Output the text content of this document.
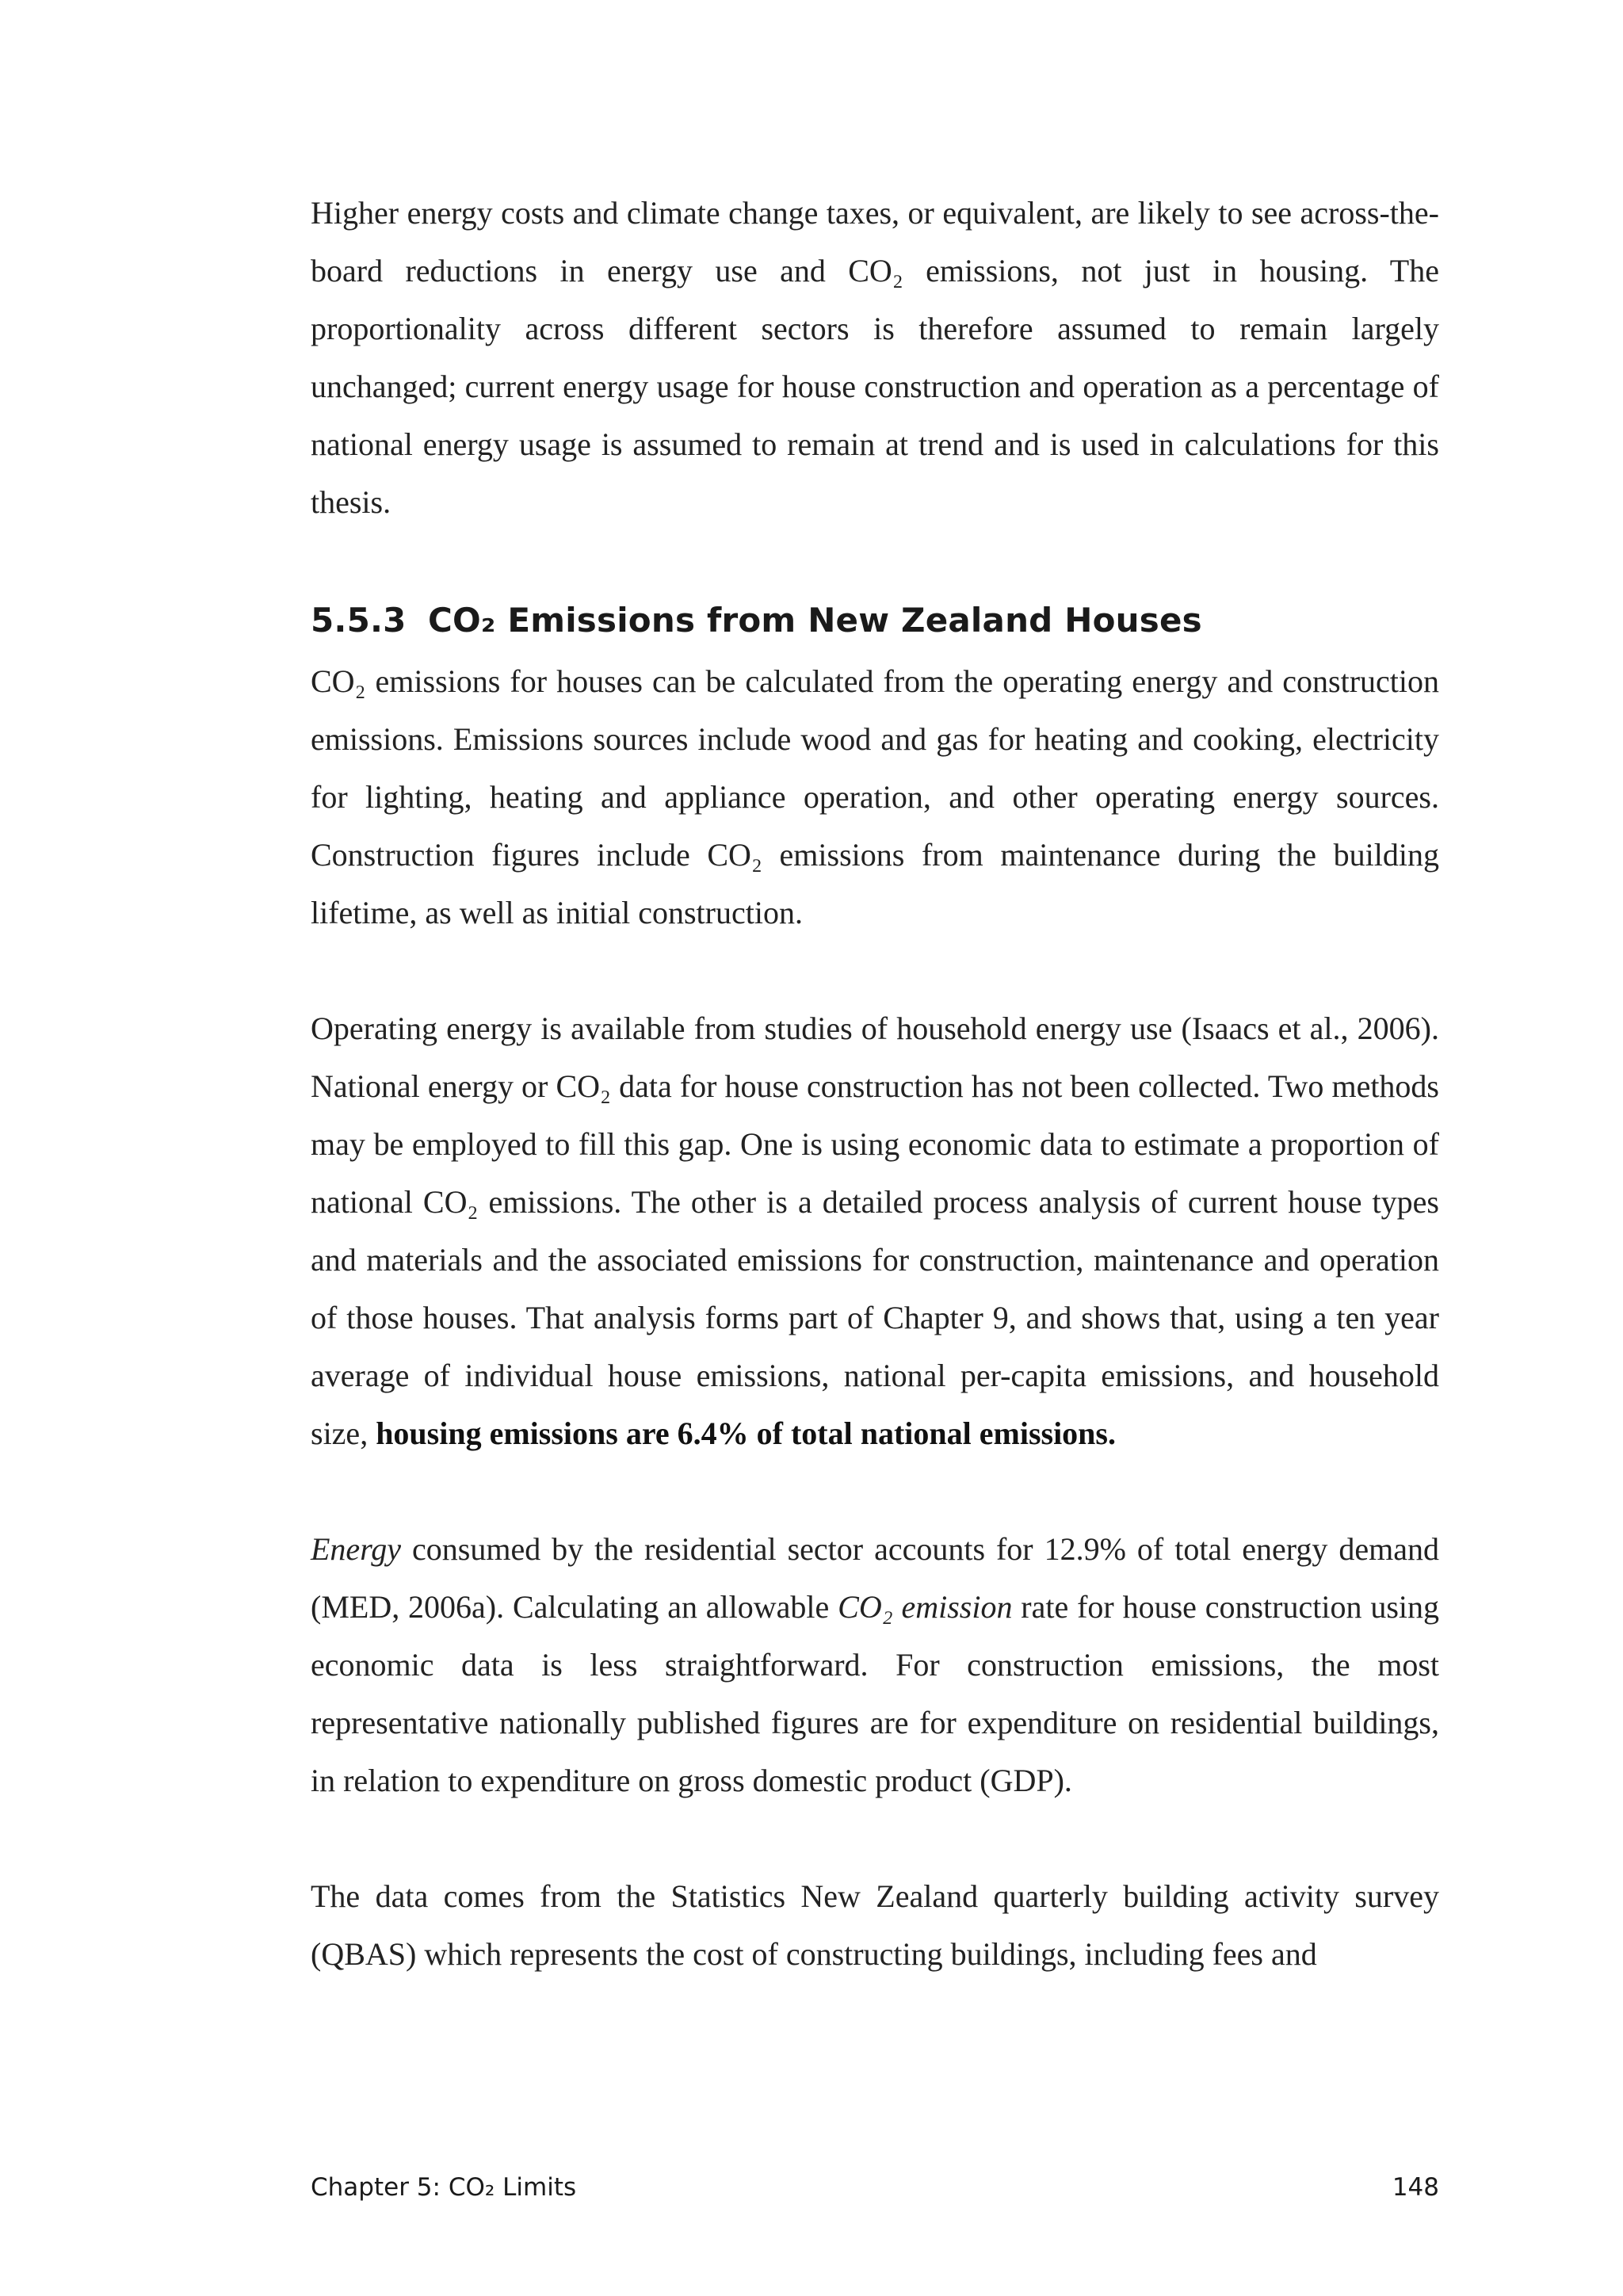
Higher energy costs and climate change taxes, or equivalent, are likely to see across-the-board reductions in energy use and CO₂ emissions, not just in housing. The proportionality across different sectors is therefore assumed to remain largely unchanged; current energy usage for house construction and operation as a percentage of national energy usage is assumed to remain at trend and is used in calculations for this thesis.

5.5.3 CO₂ Emissions from New Zealand Houses

CO₂ emissions for houses can be calculated from the operating energy and construction emissions. Emissions sources include wood and gas for heating and cooking, electricity for lighting, heating and appliance operation, and other operating energy sources. Construction figures include CO₂ emissions from maintenance during the building lifetime, as well as initial construction.

Operating energy is available from studies of household energy use (Isaacs et al., 2006). National energy or CO₂ data for house construction has not been collected. Two methods may be employed to fill this gap. One is using economic data to estimate a proportion of national CO₂ emissions. The other is a detailed process analysis of current house types and materials and the associated emissions for construction, maintenance and operation of those houses. That analysis forms part of Chapter 9, and shows that, using a ten year average of individual house emissions, national per-capita emissions, and household size, housing emissions are 6.4% of total national emissions.

Energy consumed by the residential sector accounts for 12.9% of total energy demand (MED, 2006a). Calculating an allowable CO₂ emission rate for house construction using economic data is less straightforward. For construction emissions, the most representative nationally published figures are for expenditure on residential buildings, in relation to expenditure on gross domestic product (GDP).

The data comes from the Statistics New Zealand quarterly building activity survey (QBAS) which represents the cost of constructing buildings, including fees and

Chapter 5: CO₂ Limits	148
